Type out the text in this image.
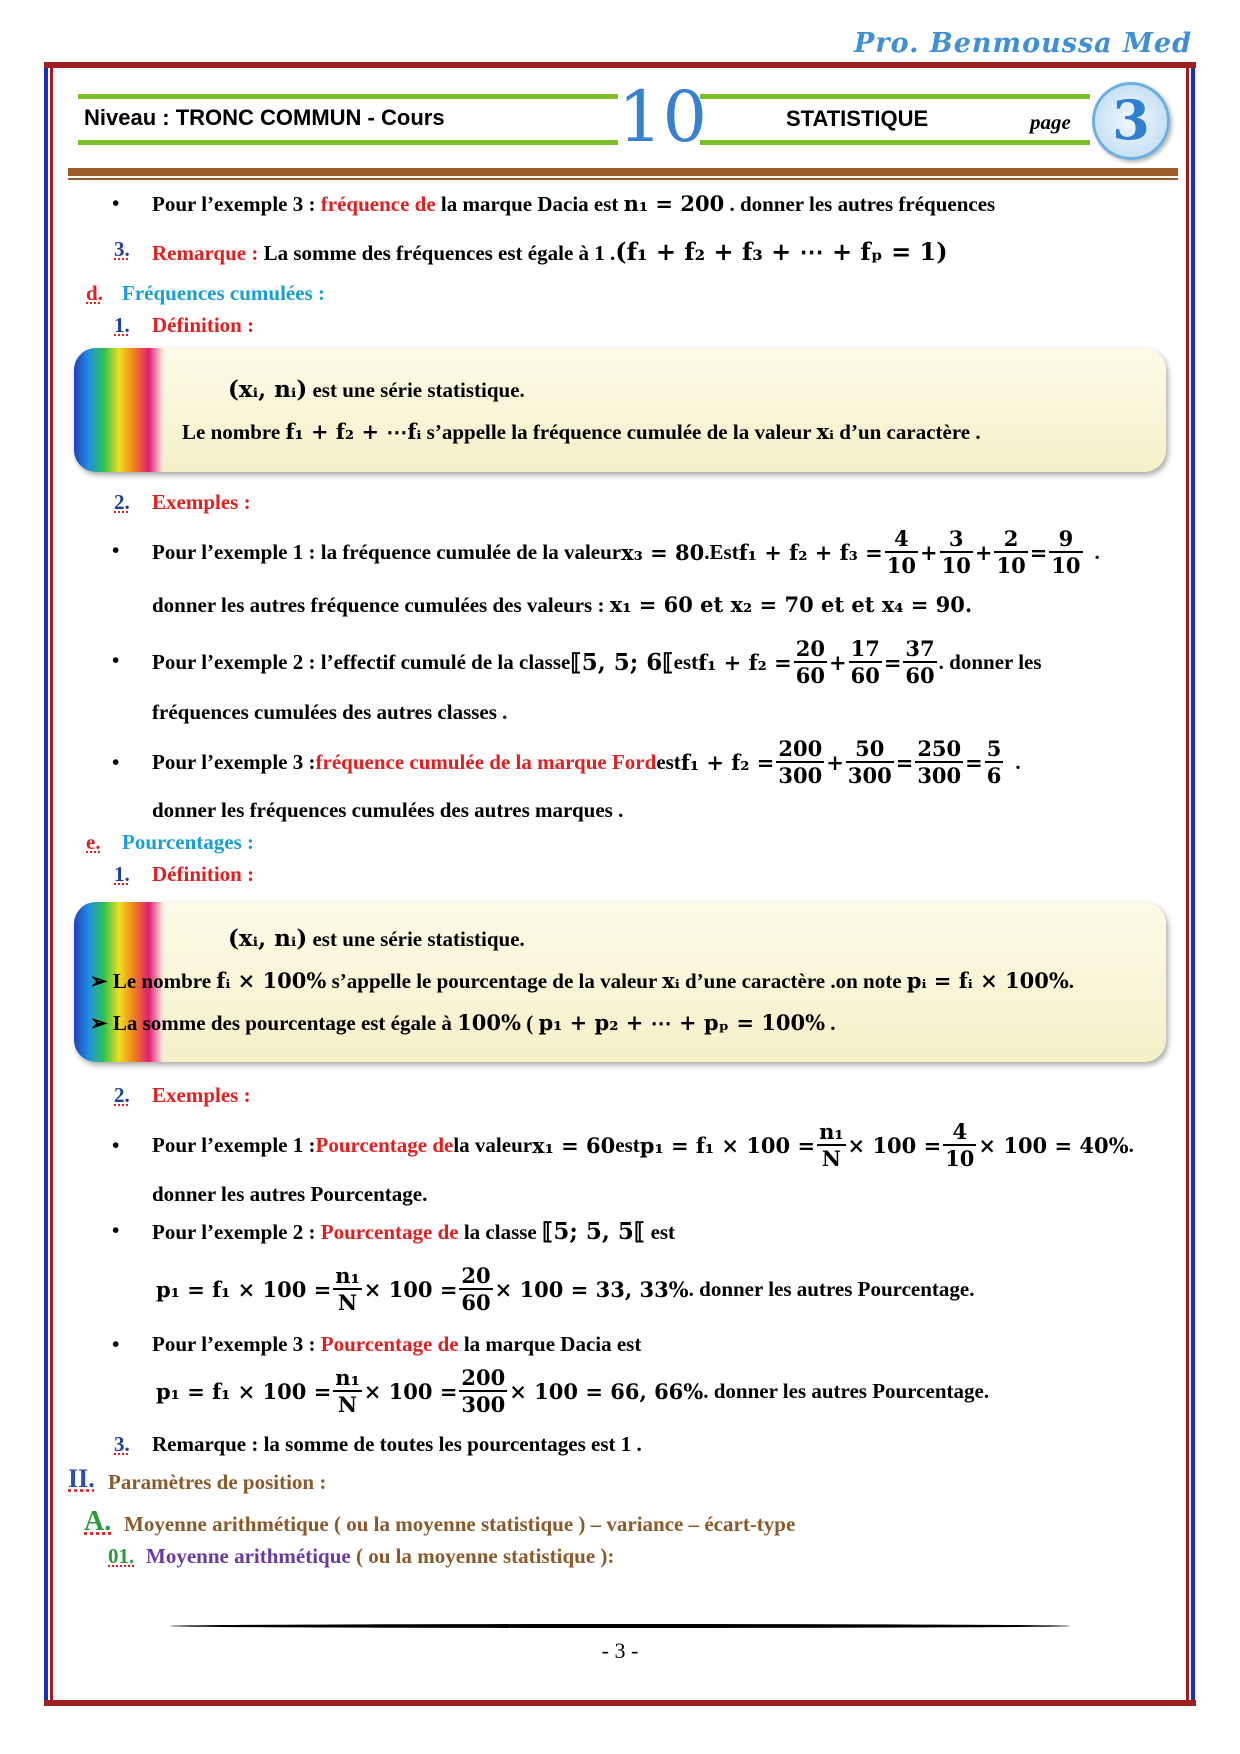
Pro. Benmoussa Med
Niveau : TRONC COMMUN - Cours 10	STATISTIQUE	page 3
• Pour l’exemple 3 : fréquence de la marque Dacia est n₁ = 200 . donner les autres fréquences
3. Remarque : La somme des fréquences est égale à 1 .(f₁ + f₂ + f₃ + ⋯ + fₚ = 1)
d. Fréquences cumulées :
1. Définition :
(xᵢ, nᵢ) est une série statistique.
Le nombre f₁ + f₂ + ⋯fᵢ s’appelle la fréquence cumulée de la valeur xᵢ d’un caractère .
2. Exemples :
• Pour l’exemple 1 : la fréquence cumulée de la valeur x₃ = 80 .Est $f_1 + f_2 + f_3 = \frac{4}{10} + \frac{3}{10} + \frac{2}{10} = \frac{9}{10}$ .
donner les autres fréquence cumulées des valeurs : x₁ = 60 et x₂ = 70 et et x₄ = 90.
• Pour l’exemple 2 : l’effectif cumulé de la classe ⟦5, 5; 6⟦ est $f_1 + f_2 = \frac{20}{60} + \frac{17}{60} = \frac{37}{60}$ . donner les
fréquences cumulées des autres classes .
• Pour l’exemple 3 : fréquence cumulée de la marque Ford est $f_1 + f_2 = \frac{200}{300} + \frac{50}{300} = \frac{250}{300} = \frac{5}{6}$ .
donner les fréquences cumulées des autres marques .
e. Pourcentages :
1. Définition :
(xᵢ, nᵢ) est une série statistique.
➢ Le nombre fᵢ × 100% s’appelle le pourcentage de la valeur xᵢ d’une caractère .on note pᵢ = fᵢ × 100%.
➢ La somme des pourcentage est égale à 100% ( p₁ + p₂ + ⋯ + pₚ = 100% .
2. Exemples :
• Pour l’exemple 1 : Pourcentage de la valeur x₁ = 60 est $p_1 = f_1 \times 100 = \frac{\text{n₁}}{N} \times 100 = \frac{4}{10} \times 100 = 40\%$ .
donner les autres Pourcentage.
• Pour l’exemple 2 : Pourcentage de la classe ⟦5; 5, 5⟦ est
$p_1 = f_1 \times 100 = \frac{\text{n₁}}{N} \times 100 = \frac{20}{60} \times 100 = 33$, 33% . donner les autres Pourcentage.
• Pour l’exemple 3 : Pourcentage de la marque Dacia est
$p_1 = f_1 \times 100 = \frac{\text{n₁}}{N} \times 100 = \frac{200}{300} \times 100 = 66$, 66% . donner les autres Pourcentage.
3. Remarque : la somme de toutes les pourcentages est 1 .
II. Paramètres de position :
A. Moyenne arithmétique ( ou la moyenne statistique ) – variance – écart-type
01. Moyenne arithmétique ( ou la moyenne statistique ):
- 3 -
